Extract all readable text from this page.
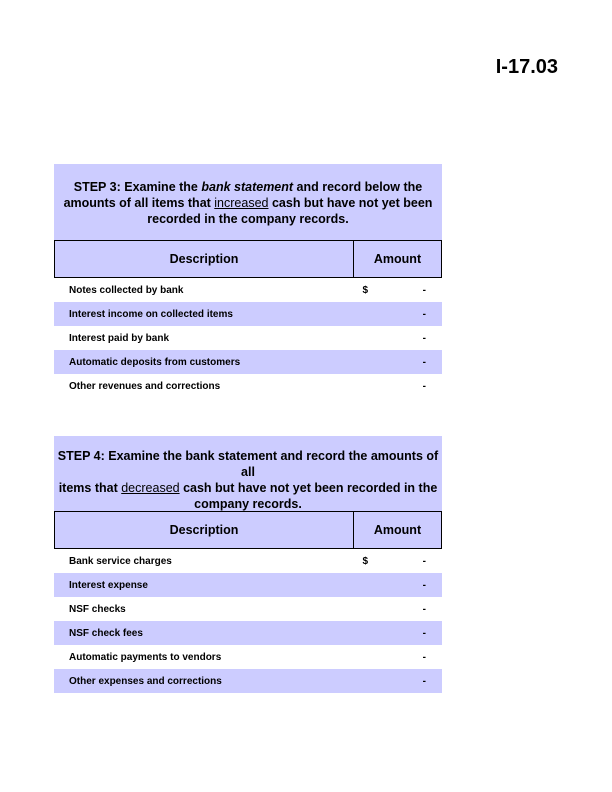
I-17.03
STEP 3: Examine the bank statement and record below the
amounts of all items that increased cash but have not yet been
recorded in the company records.
Description	Amount
Notes collected by bank	$	-
Interest income on collected items	-
Interest paid by bank	-
Automatic deposits from customers	-
Other revenues and corrections	-
STEP 4: Examine the bank statement and record the amounts of all
items that decreased cash but have not yet been recorded in the
company records.
Description	Amount
Bank service charges	$	-
Interest expense	-
NSF checks	-
NSF check fees	-
Automatic payments to vendors	-
Other expenses and corrections	-
